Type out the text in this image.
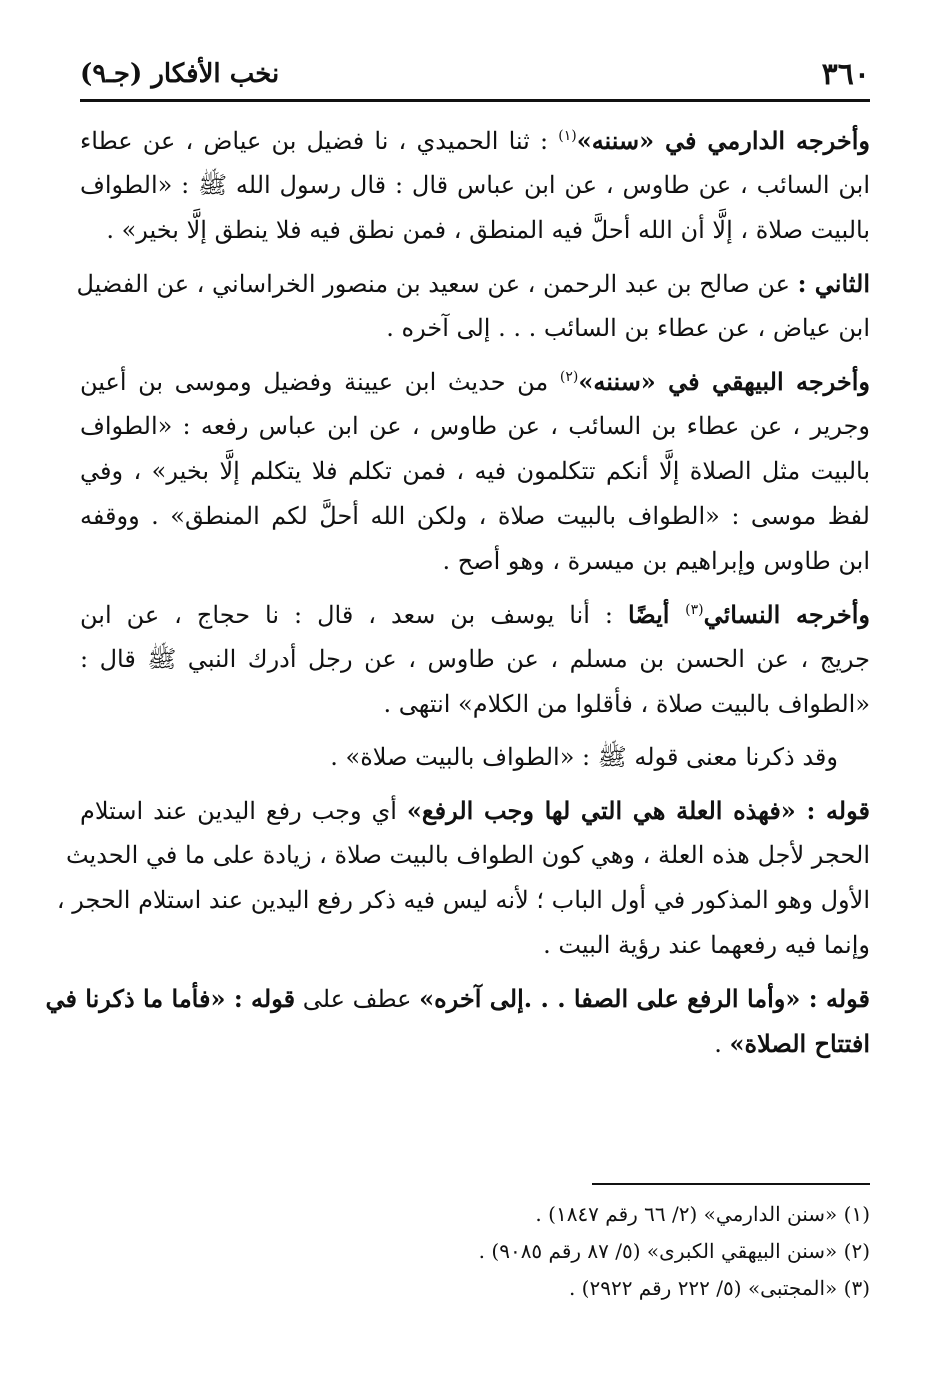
٣٦٠
نخب الأفكار (جـ٩)
وأخرجه الدارمي في «سننه»$^{(١)}$ : ثنا الحميدي ، نا فضيل بن عياض ، عن عطاء
ابن السائب ، عن طاوس ، عن ابن عباس قال : قال رسول الله ﷺ : «الطواف
بالبيت صلاة ، إلَّا أن الله أحلَّ فيه المنطق ، فمن نطق فيه فلا ينطق إلَّا بخير» .
الثاني : عن صالح بن عبد الرحمن ، عن سعيد بن منصور الخراساني ، عن الفضيل
ابن عياض ، عن عطاء بن السائب . . . إلى آخره .
وأخرجه البيهقي في «سننه»$^{(٢)}$ من حديث ابن عيينة وفضيل وموسى بن أعين
وجرير ، عن عطاء بن السائب ، عن طاوس ، عن ابن عباس رفعه : «الطواف
بالبيت مثل الصلاة إلَّا أنكم تتكلمون فيه ، فمن تكلم فلا يتكلم إلَّا بخير» ، وفي
لفظ موسى : «الطواف بالبيت صلاة ، ولكن الله أحلَّ لكم المنطق» . ووقفه
ابن طاوس وإبراهيم بن ميسرة ، وهو أصح .
وأخرجه النسائي$^{(٣)}$ أيضًا : أنا يوسف بن سعد ، قال : نا حجاج ، عن ابن
جريج ، عن الحسن بن مسلم ، عن طاوس ، عن رجل أدرك النبي ﷺ قال :
«الطواف بالبيت صلاة ، فأقلوا من الكلام» انتهى .
وقد ذكرنا معنى قوله ﷺ : «الطواف بالبيت صلاة» .
قوله : «فهذه العلة هي التي لها وجب الرفع» أي وجب رفع اليدين عند استلام
الحجر لأجل هذه العلة ، وهي كون الطواف بالبيت صلاة ، زيادة على ما في الحديث
الأول وهو المذكور في أول الباب ؛ لأنه ليس فيه ذكر رفع اليدين عند استلام الحجر ،
وإنما فيه رفعهما عند رؤية البيت .
قوله : «وأما الرفع على الصفا . . .إلى آخره» عطف على قوله : «فأما ما ذكرنا في
افتتاح الصلاة» .
(١) «سنن الدارمي» (٢/ ٦٦ رقم ١٨٤٧) .
(٢) «سنن البيهقي الكبرى» (٥/ ٨٧ رقم ٩٠٨٥) .
(٣) «المجتبى» (٥/ ٢٢٢ رقم ٢٩٢٢) .
